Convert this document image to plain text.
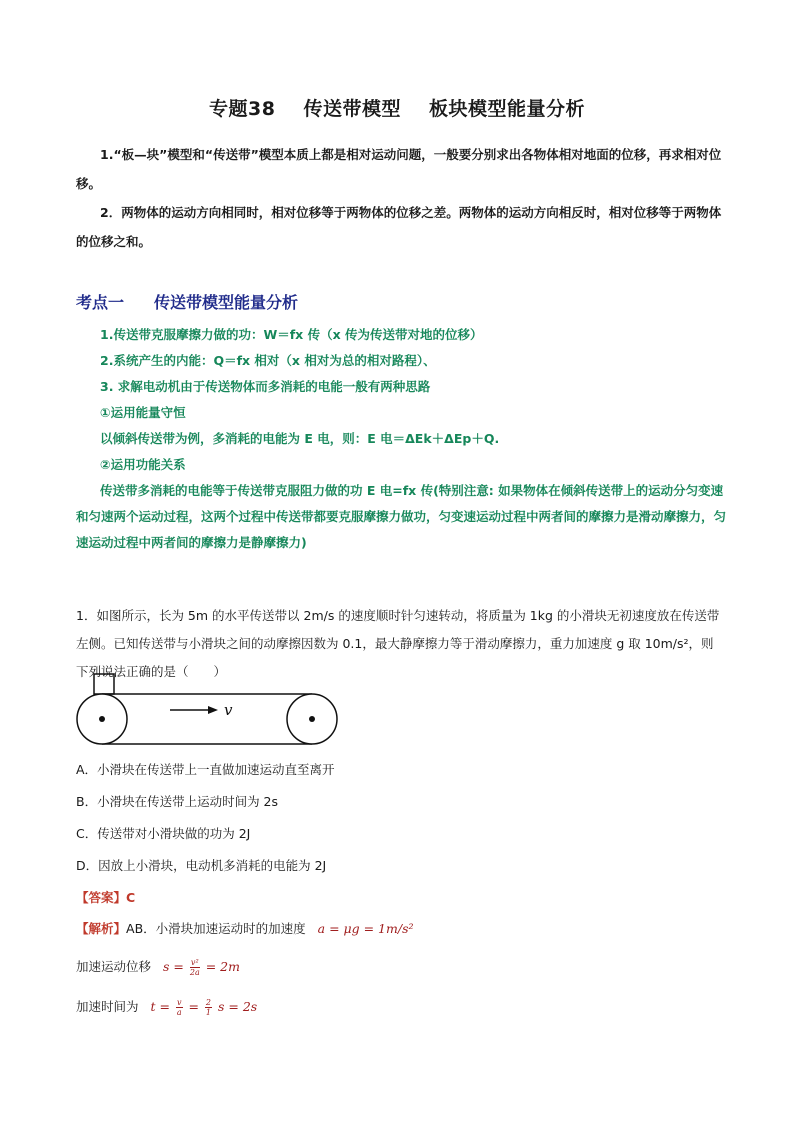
专题38 传送带模型 板块模型能量分析

1.“板—块”模型和“传送带”模型本质上都是相对运动问题，一般要分别求出各物体相对地面的位移，再求相对位移。

2．两物体的运动方向相同时，相对位移等于两物体的位移之差。两物体的运动方向相反时，相对位移等于两物体的位移之和。

考点一 传送带模型能量分析
1.传送带克服摩擦力做的功：W＝fx 传（x 传为传送带对地的位移）
2.系统产生的内能：Q＝fx 相对（x 相对为总的相对路程）、
3. 求解电动机由于传送物体而多消耗的电能一般有两种思路
①运用能量守恒
以倾斜传送带为例，多消耗的电能为 E 电，则：E 电＝ΔEk＋ΔEp＋Q.
②运用功能关系
传送带多消耗的电能等于传送带克服阻力做的功 E 电=fx 传(特别注意: 如果物体在倾斜传送带上的运动分匀变速和匀速两个运动过程，这两个过程中传送带都要克服摩擦力做功，匀变速运动过程中两者间的摩擦力是滑动摩擦力，匀速运动过程中两者间的摩擦力是静摩擦力)

1．如图所示，长为 5m 的水平传送带以 2m/s 的速度顺时针匀速转动，将质量为 1kg 的小滑块无初速度放在传送带左侧。已知传送带与小滑块之间的动摩擦因数为 0.1，最大静摩擦力等于滑动摩擦力，重力加速度 g 取 10m/s²，则下列说法正确的是（　　）

v
A．小滑块在传送带上一直做加速运动直至离开
B．小滑块在传送带上运动时间为 2s
C．传送带对小滑块做的功为 2J
D．因放上小滑块，电动机多消耗的电能为 2J
【答案】C
【解析】AB．小滑块加速运动时的加速度 a = μg = 1m/s²
加速运动位移 $s = \frac{\text{v²}}{2a} = 2m$
加速时间为 $t = \frac{v}{a} = \frac{2}{1}$ s = 2s
